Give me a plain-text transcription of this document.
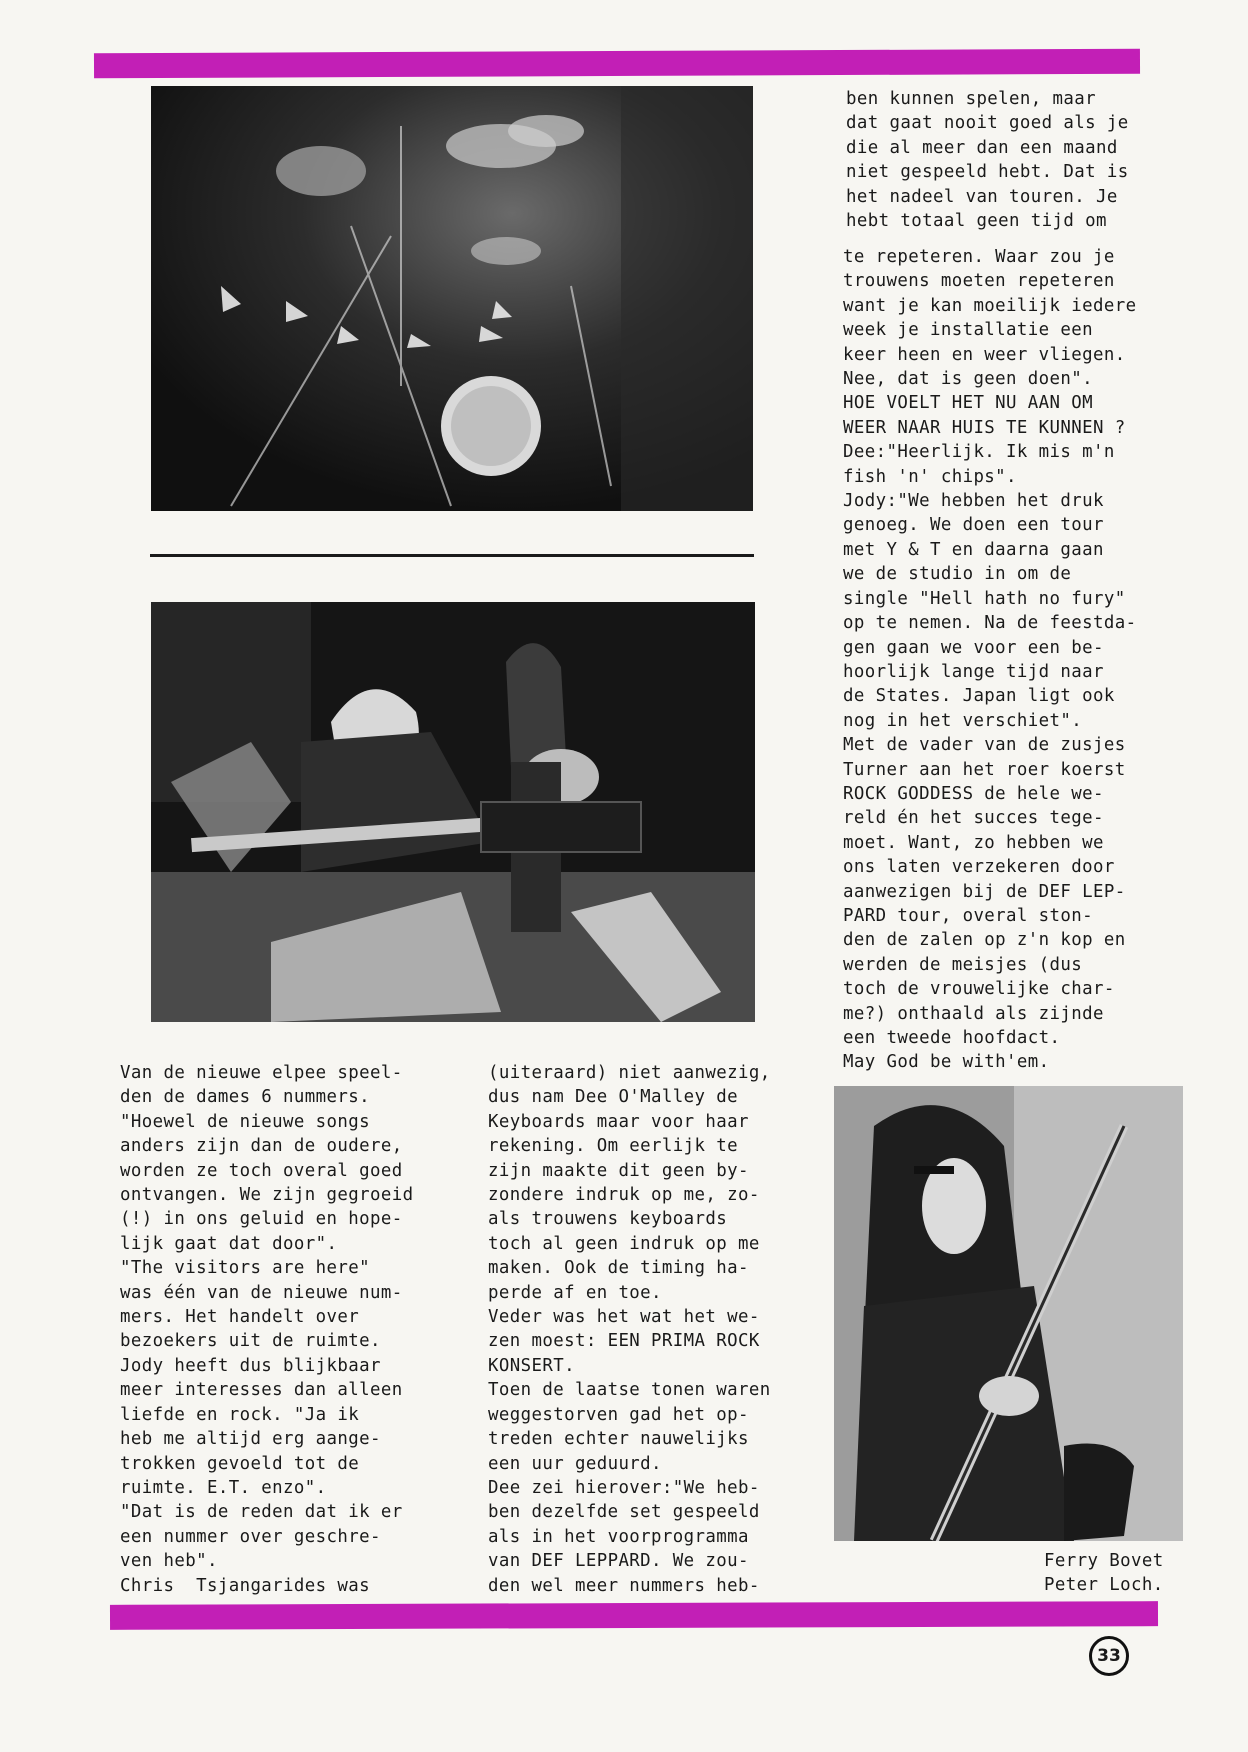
ben kunnen spelen, maar
dat gaat nooit goed als je
die al meer dan een maand
niet gespeeld hebt. Dat is
het nadeel van touren. Je
hebt totaal geen tijd om
te repeteren. Waar zou je
trouwens moeten repeteren
want je kan moeilijk iedere
week je installatie een
keer heen en weer vliegen.
Nee, dat is geen doen".
HOE VOELT HET NU AAN OM
WEER NAAR HUIS TE KUNNEN ?
Dee:"Heerlijk. Ik mis m'n
fish 'n' chips".
Jody:"We hebben het druk
genoeg. We doen een tour
met Y & T en daarna gaan
we de studio in om de
single "Hell hath no fury"
op te nemen. Na de feestda-
gen gaan we voor een be-
hoorlijk lange tijd naar
de States. Japan ligt ook
nog in het verschiet".
Met de vader van de zusjes
Turner aan het roer koerst
ROCK GODDESS de hele we-
reld én het succes tege-
moet. Want, zo hebben we
ons laten verzekeren door
aanwezigen bij de DEF LEP-
PARD tour, overal ston-
den de zalen op z'n kop en
werden de meisjes (dus
toch de vrouwelijke char-
me?) onthaald als zijnde
een tweede hoofdact.
May God be with'em.
Van de nieuwe elpee speel-
den de dames 6 nummers.
"Hoewel de nieuwe songs
anders zijn dan de oudere,
worden ze toch overal goed
ontvangen. We zijn gegroeid
(!) in ons geluid en hope-
lijk gaat dat door".
"The visitors are here"
was één van de nieuwe num-
mers. Het handelt over
bezoekers uit de ruimte.
Jody heeft dus blijkbaar
meer interesses dan alleen
liefde en rock. "Ja ik
heb me altijd erg aange-
trokken gevoeld tot de
ruimte. E.T. enzo".
"Dat is de reden dat ik er
een nummer over geschre-
ven heb".
Chris  Tsjangarides was
(uiteraard) niet aanwezig,
dus nam Dee O'Malley de
Keyboards maar voor haar
rekening. Om eerlijk te
zijn maakte dit geen by-
zondere indruk op me, zo-
als trouwens keyboards
toch al geen indruk op me
maken. Ook de timing ha-
perde af en toe.
Veder was het wat het we-
zen moest: EEN PRIMA ROCK
KONSERT.
Toen de laatse tonen waren
weggestorven gad het op-
treden echter nauwelijks
een uur geduurd.
Dee zei hierover:"We heb-
ben dezelfde set gespeeld
als in het voorprogramma
van DEF LEPPARD. We zou-
den wel meer nummers heb-
Ferry Bovet
Peter Loch.
33
